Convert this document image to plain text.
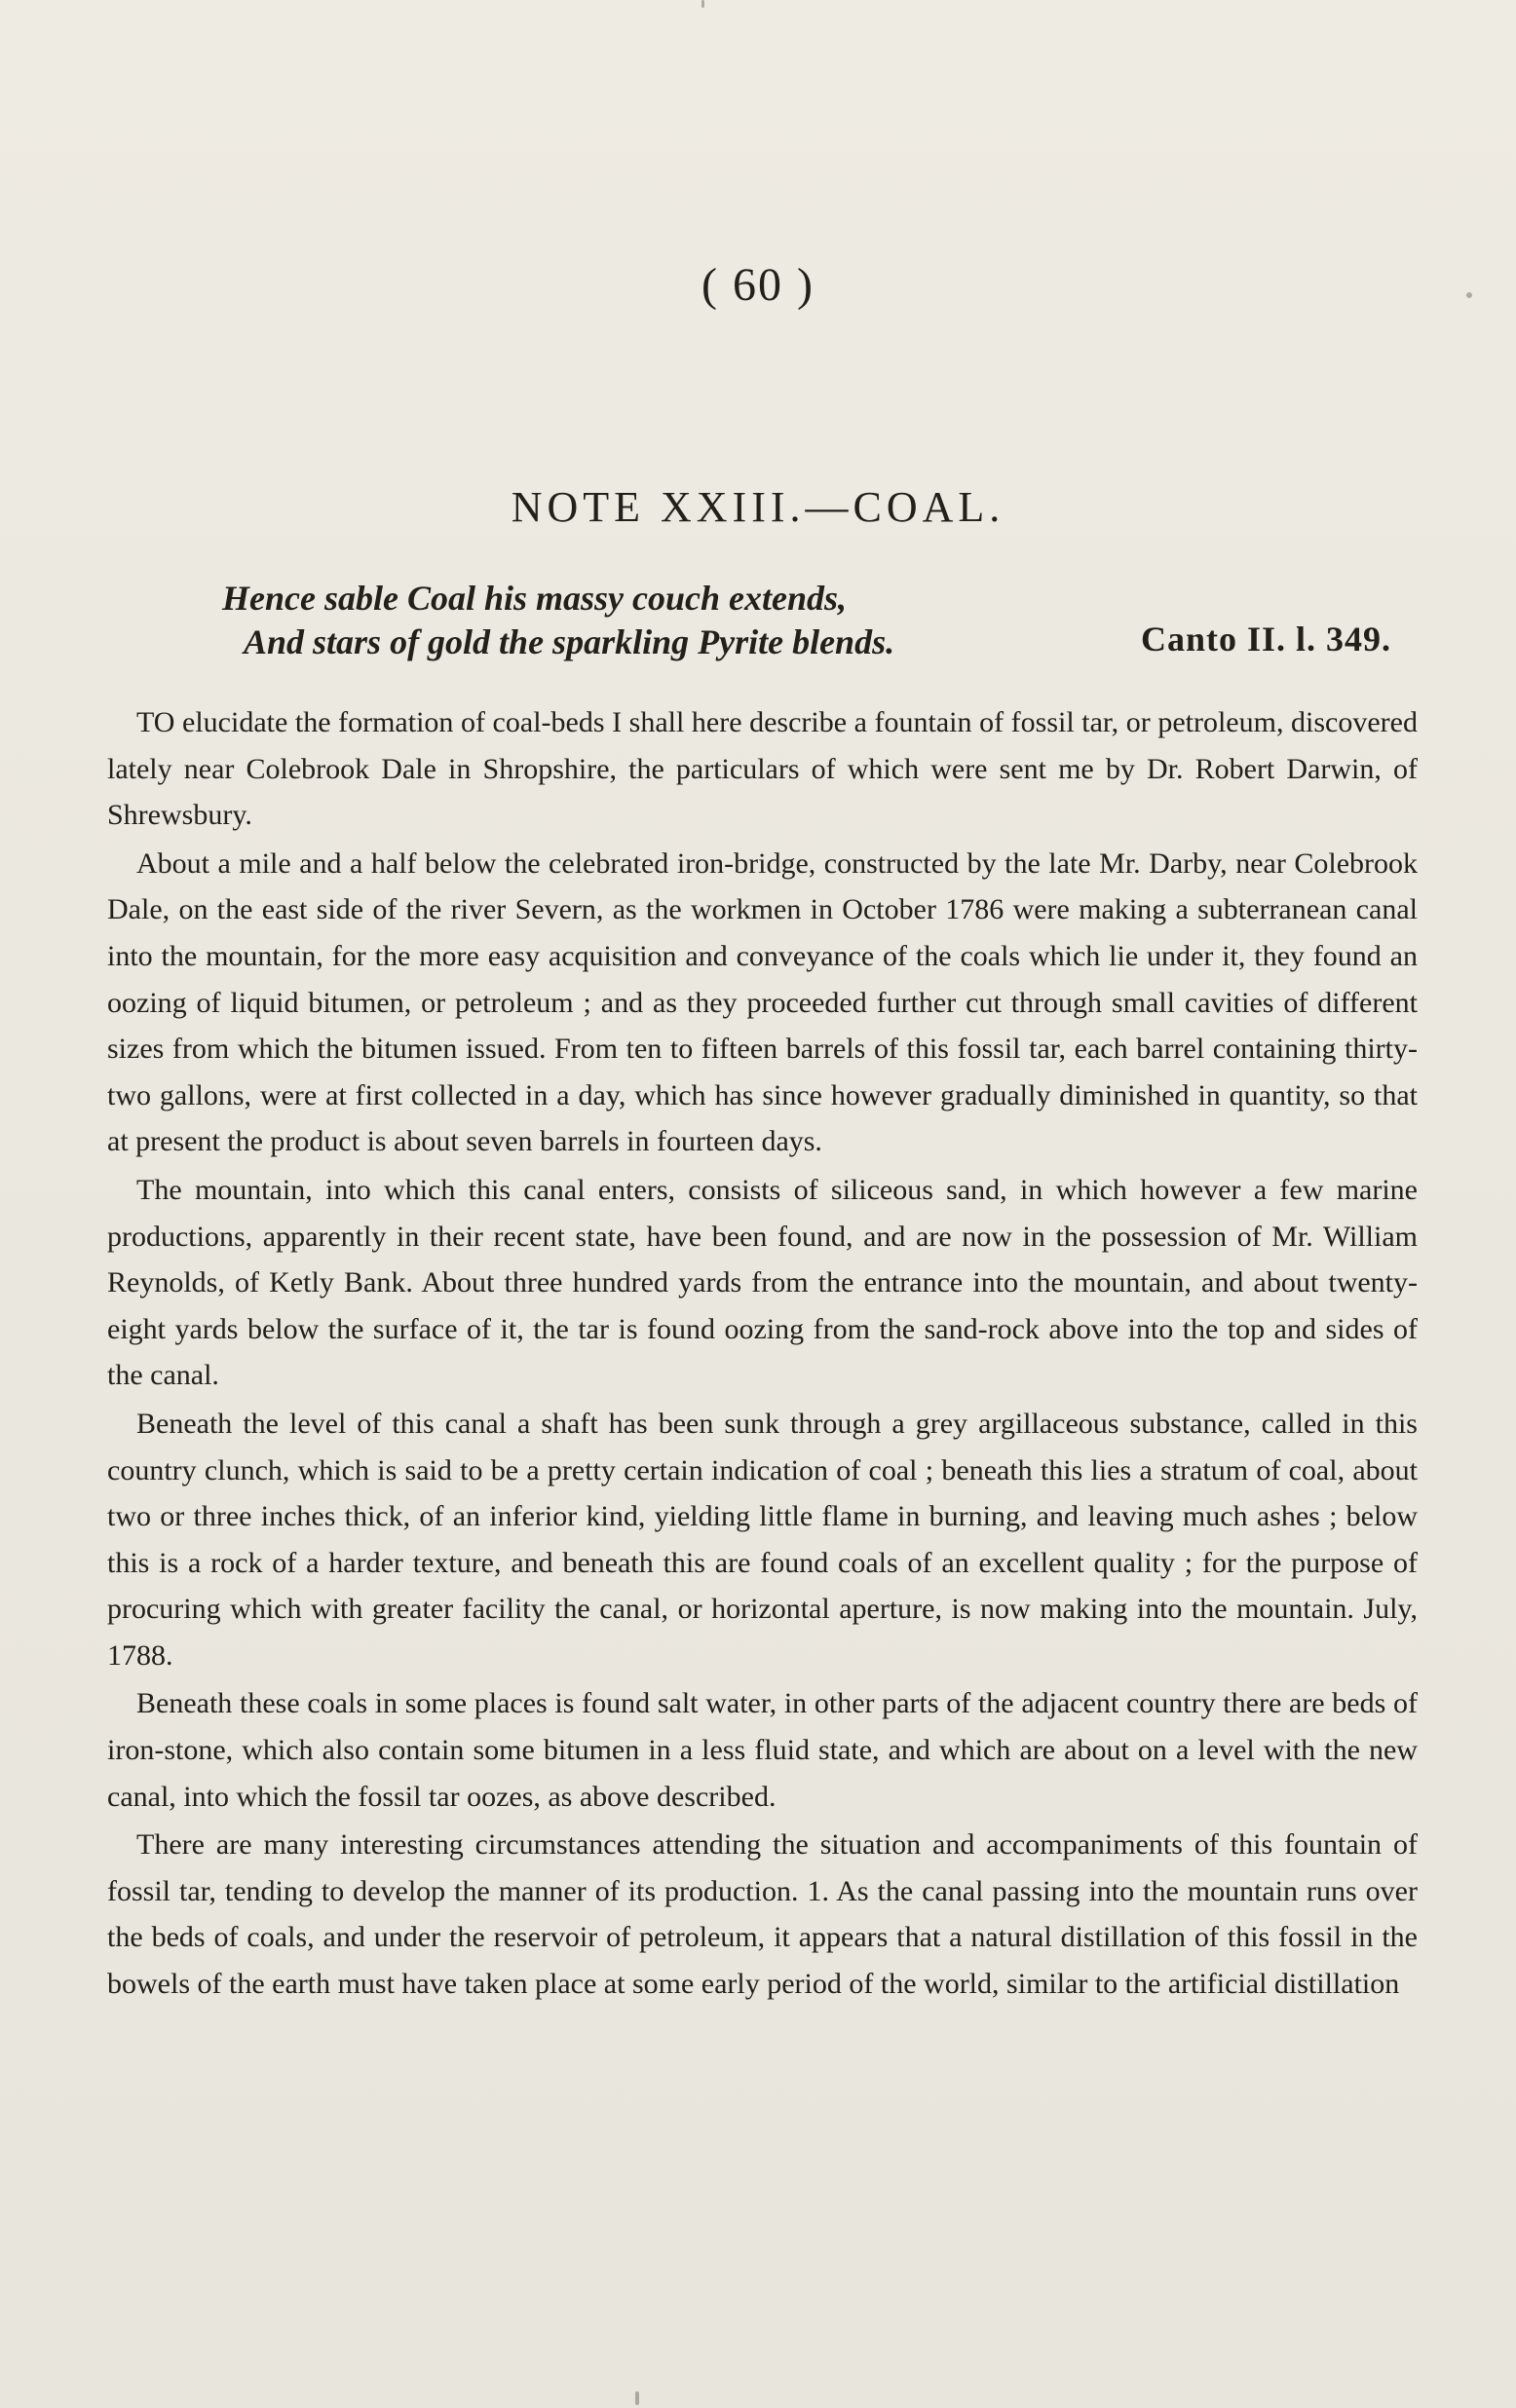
( 60 )
NOTE XXIII.—COAL.
Hence sable Coal his massy couch extends,
And stars of gold the sparkling Pyrite blends.	Canto II. l. 349.

TO elucidate the formation of coal-beds I shall here describe a fountain of fossil tar, or petroleum, discovered lately near Colebrook Dale in Shropshire, the particulars of which were sent me by Dr. Robert Darwin, of Shrewsbury.

About a mile and a half below the celebrated iron-bridge, constructed by the late Mr. Darby, near Colebrook Dale, on the east side of the river Severn, as the workmen in October 1786 were making a subterranean canal into the mountain, for the more easy acquisition and conveyance of the coals which lie under it, they found an oozing of liquid bitumen, or petroleum ; and as they proceeded further cut through small cavities of different sizes from which the bitumen issued. From ten to fifteen barrels of this fossil tar, each barrel containing thirty-two gallons, were at first collected in a day, which has since however gradually diminished in quantity, so that at present the product is about seven barrels in fourteen days.

The mountain, into which this canal enters, consists of siliceous sand, in which however a few marine productions, apparently in their recent state, have been found, and are now in the possession of Mr. William Reynolds, of Ketly Bank. About three hundred yards from the entrance into the mountain, and about twenty-eight yards below the surface of it, the tar is found oozing from the sand-rock above into the top and sides of the canal.

Beneath the level of this canal a shaft has been sunk through a grey argillaceous substance, called in this country clunch, which is said to be a pretty certain indication of coal ; beneath this lies a stratum of coal, about two or three inches thick, of an inferior kind, yielding little flame in burning, and leaving much ashes ; below this is a rock of a harder texture, and beneath this are found coals of an excellent quality ; for the purpose of procuring which with greater facility the canal, or horizontal aperture, is now making into the mountain. July, 1788.

Beneath these coals in some places is found salt water, in other parts of the adjacent country there are beds of iron-stone, which also contain some bitumen in a less fluid state, and which are about on a level with the new canal, into which the fossil tar oozes, as above described.

There are many interesting circumstances attending the situation and accompaniments of this fountain of fossil tar, tending to develop the manner of its production. 1. As the canal passing into the mountain runs over the beds of coals, and under the reservoir of petroleum, it appears that a natural distillation of this fossil in the bowels of the earth must have taken place at some early period of the world, similar to the artificial distillation
